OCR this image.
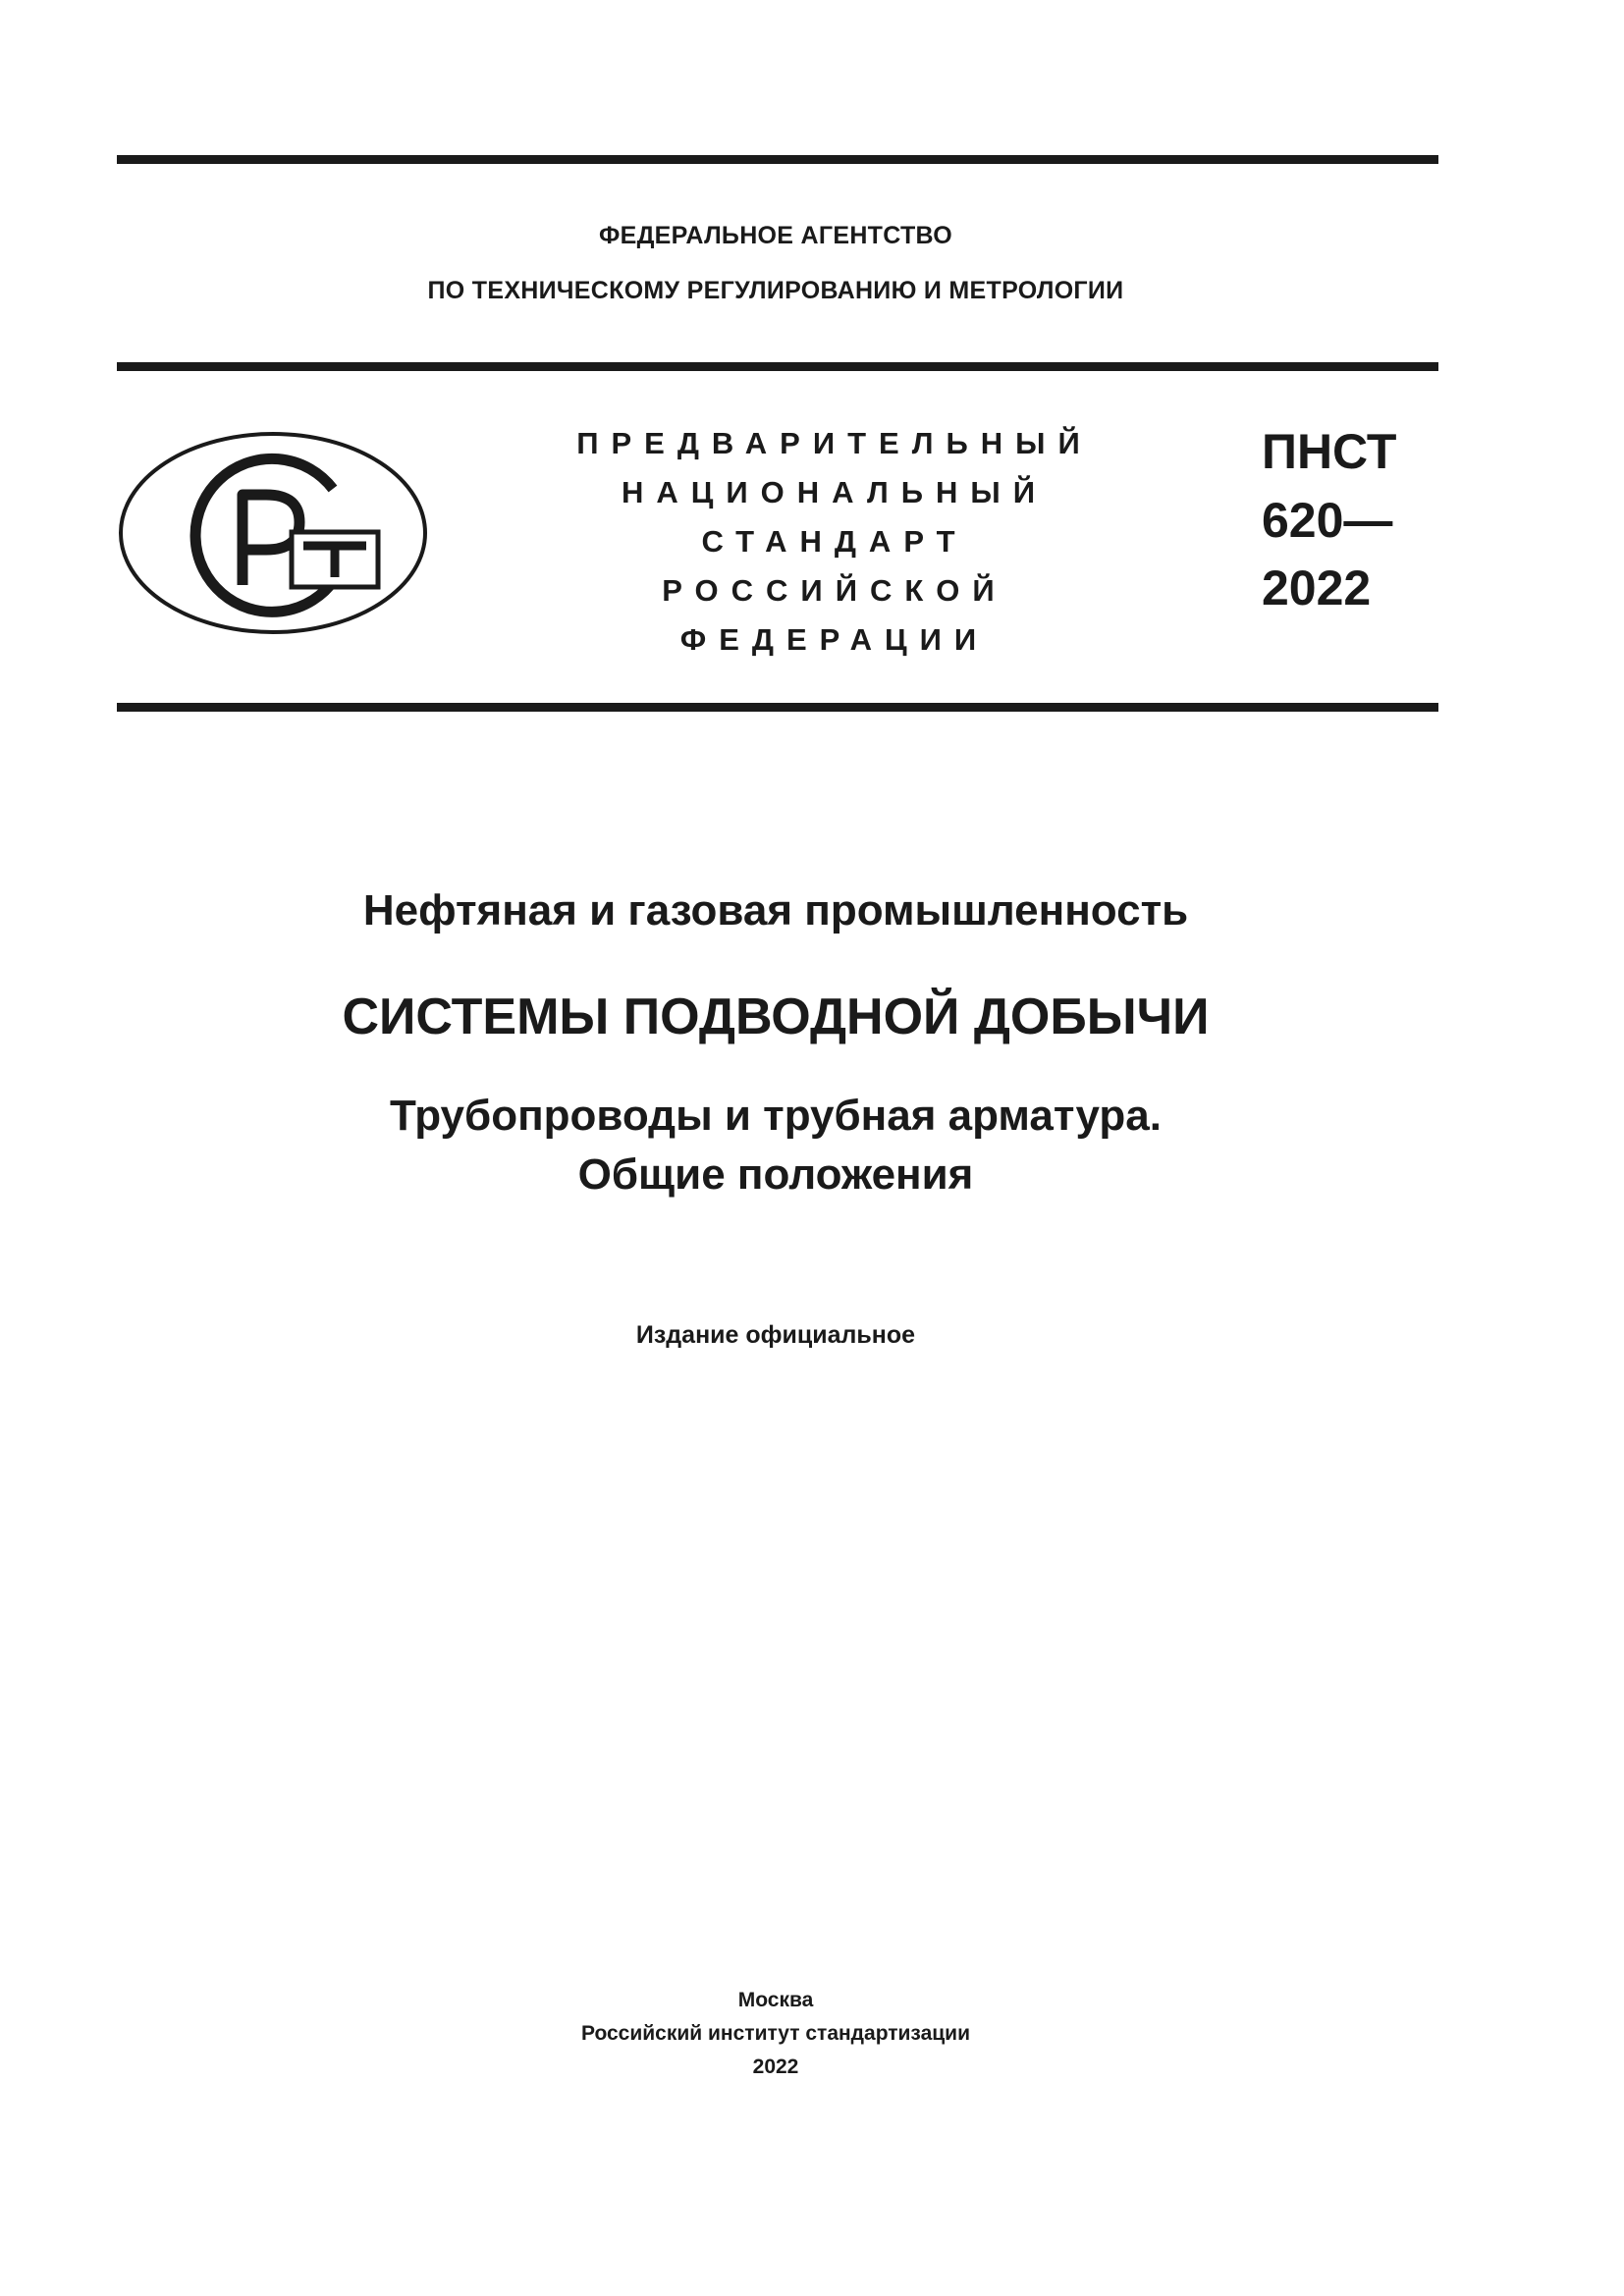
ФЕДЕРАЛЬНОЕ АГЕНТСТВО
ПО ТЕХНИЧЕСКОМУ РЕГУЛИРОВАНИЮ И МЕТРОЛОГИИ
ПРЕДВАРИТЕЛЬНЫЙ
НАЦИОНАЛЬНЫЙ
СТАНДАРТ
РОССИЙСКОЙ
ФЕДЕРАЦИИ
ПНСТ
620—
2022
Нефтяная и газовая промышленность
СИСТЕМЫ ПОДВОДНОЙ ДОБЫЧИ
Трубопроводы и трубная арматура.
Общие положения
Издание официальное
Москва
Российский институт стандартизации
2022
